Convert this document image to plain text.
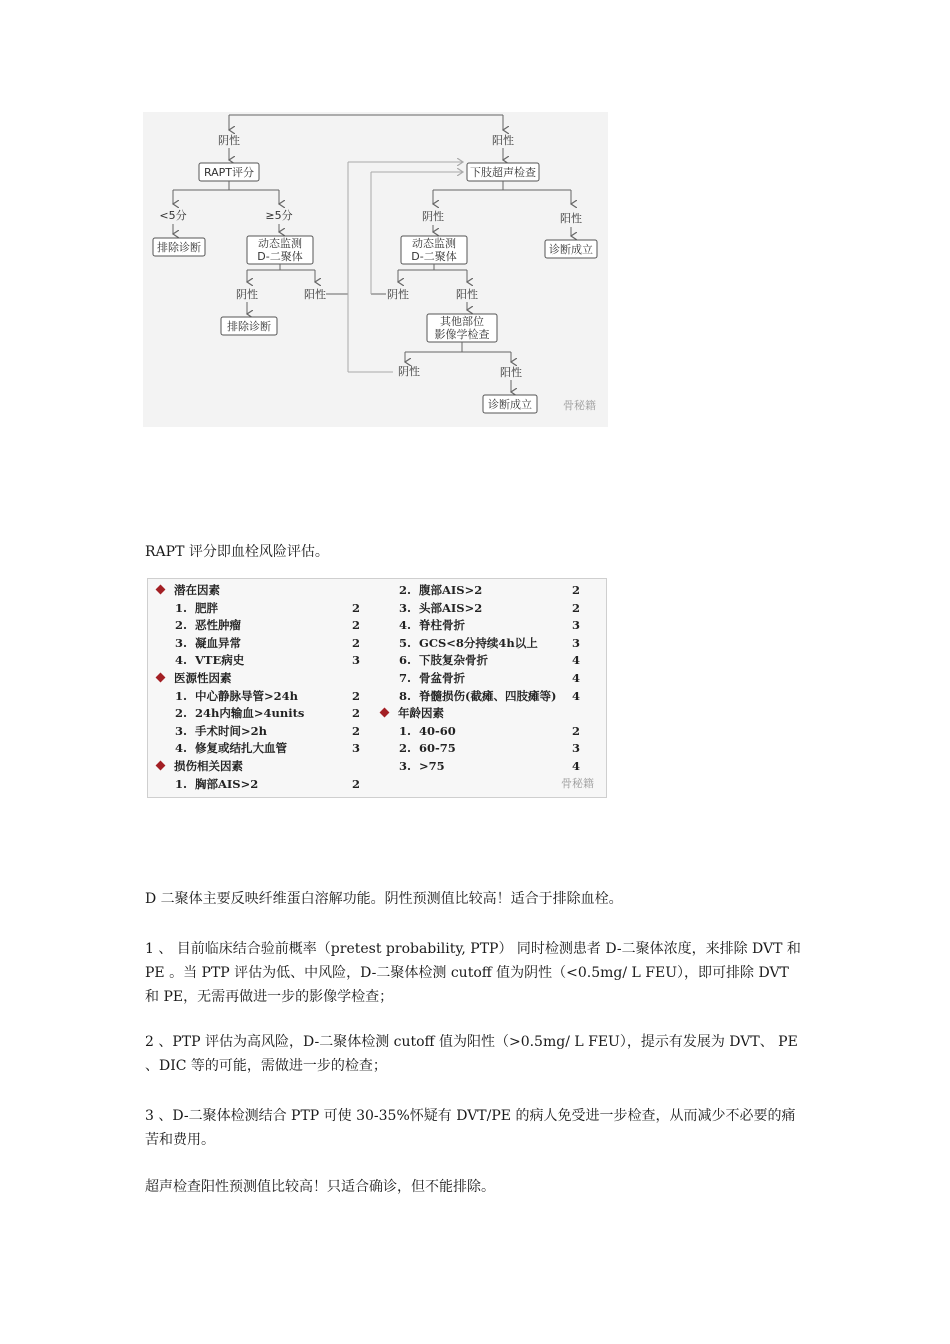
阴性	阳性
RAPT评分	下肢超声检查
<5分	≥5分	阴性	阳性
排除诊断	动态监测
D-二聚体
动态监测
D-二聚体
诊断成立
阴性	阳性	阴性	阳性
排除诊断	其他部位
影像学检查
阴性	阳性
诊断成立	骨秘籍
RAPT 评分即血栓风险评估。
潜在因素
1. 肥胖	2
2. 恶性肿瘤	2
3. 凝血异常	2
4. VTE病史	3
医源性因素
1. 中心静脉导管>24h	2
2. 24h内输血>4units	2
3. 手术时间>2h	2
4. 修复或结扎大血管	3
损伤相关因素
1. 胸部AIS>2	2
2. 腹部AIS>2	2
3. 头部AIS>2	2
4. 脊柱骨折	3
5. GCS<8分持续4h以上	3
6. 下肢复杂骨折	4
7. 骨盆骨折	4
8. 脊髓损伤(截瘫、四肢瘫等) 4
年龄因素
1. 40-60	2
2. 60-75	3
3. >75	4
骨秘籍
D 二聚体主要反映纤维蛋白溶解功能。阴性预测值比较高！适合于排除血栓。
1 、 目前临床结合验前概率（pretest probability, PTP） 同时检测患者 D-二聚体浓度，来排除 DVT 和 PE 。当 PTP 评估为低、中风险，D-二聚体检测 cutoff 值为阴性（<0.5mg/ L FEU），即可排除 DVT 和 PE，无需再做进一步的影像学检查；
2 、PTP 评估为高风险，D-二聚体检测 cutoff 值为阳性（>0.5mg/ L FEU），提示有发展为 DVT、 PE 、DIC 等的可能，需做进一步的检查；
3 、D-二聚体检测结合 PTP 可使 30-35%怀疑有 DVT/PE 的病人免受进一步检查，从而减少不必要的痛苦和费用。
超声检查阳性预测值比较高！只适合确诊，但不能排除。
